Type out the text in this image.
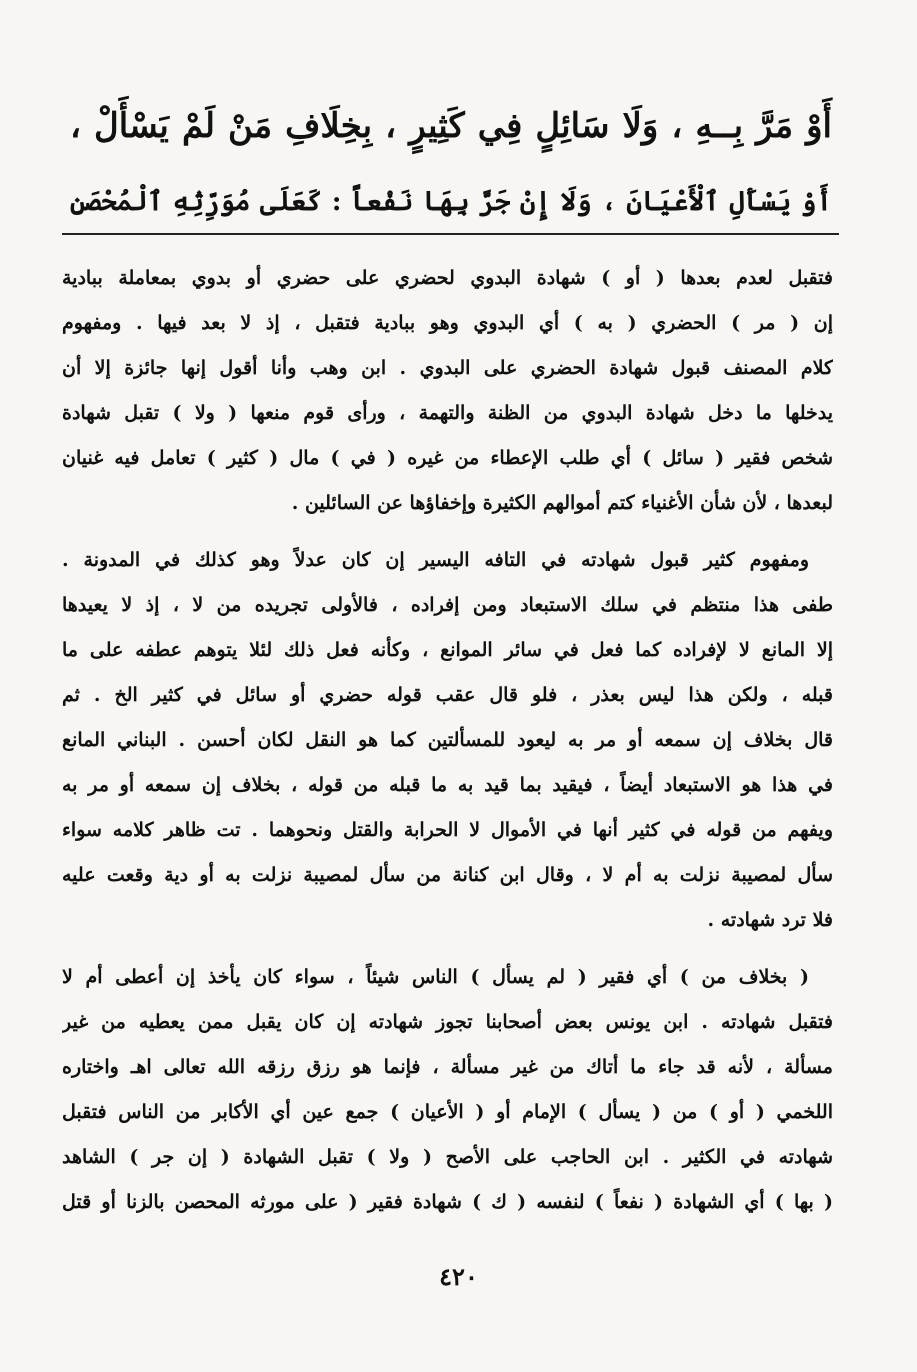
أَوْ مَرَّ بِــهِ ، وَلَا سَائِلٍ فِي كَثِيرٍ ، بِخِلَافِ مَنْ لَمْ يَسْأَلْ ،
أَوْ يَسْأَلِ ٱلْأَعْيَانَ ، وَلَا إِنْ جَرَّ بِهَا نَفْعاً : كَعَلَى مُوَرِّثِهِ ٱلْمُحْصَنِ
فتقبل لعدم بعدها ( أو ) شهادة البدوي لحضري على حضري أو بدوي بمعاملة ببادية
إن ( مر ) الحضري ( به ) أي البدوي وهو ببادية فتقبل ، إذ لا بعد فيها . ومفهوم
كلام المصنف قبول شهادة الحضري على البدوي . ابن وهب وأنا أقول إنها جائزة إلا أن
يدخلها ما دخل شهادة البدوي من الظنة والتهمة ، ورأى قوم منعها ( ولا ) تقبل شهادة
شخص فقير ( سائل ) أي طلب الإعطاء من غيره ( في ) مال ( كثير ) تعامل فيه غنيان
لبعدها ، لأن شأن الأغنياء كتم أموالهم الكثيرة وإخفاؤها عن السائلين .
ومفهوم كثير قبول شهادته في التافه اليسير إن كان عدلاً وهو كذلك في المدونة .
طفى هذا منتظم في سلك الاستبعاد ومن إفراده ، فالأولى تجريده من لا ، إذ لا يعيدها
إلا المانع لا لإفراده كما فعل في سائر الموانع ، وكأنه فعل ذلك لئلا يتوهم عطفه على ما
قبله ، ولكن هذا ليس بعذر ، فلو قال عقب قوله حضري أو سائل في كثير الخ . ثم
قال بخلاف إن سمعه أو مر به ليعود للمسألتين كما هو النقل لكان أحسن . البناني المانع
في هذا هو الاستبعاد أيضاً ، فيقيد بما قيد به ما قبله من قوله ، بخلاف إن سمعه أو مر به
ويفهم من قوله في كثير أنها في الأموال لا الحرابة والقتل ونحوهما . تت ظاهر كلامه سواء
سأل لمصيبة نزلت به أم لا ، وقال ابن كنانة من سأل لمصيبة نزلت به أو دية وقعت عليه
فلا ترد شهادته .
( بخلاف من ) أي فقير ( لم يسأل ) الناس شيئاً ، سواء كان يأخذ إن أعطى أم لا
فتقبل شهادته . ابن يونس بعض أصحابنا تجوز شهادته إن كان يقبل ممن يعطيه من غير
مسألة ، لأنه قد جاء ما أتاك من غير مسألة ، فإنما هو رزق رزقه الله تعالى اهـ واختاره
اللخمي ( أو ) من ( يسأل ) الإمام أو ( الأعيان ) جمع عين أي الأكابر من الناس فتقبل
شهادته في الكثير . ابن الحاجب على الأصح ( ولا ) تقبل الشهادة ( إن جر ) الشاهد
( بها ) أي الشهادة ( نفعاً ) لنفسه ( ك ) شهادة فقير ( على مورثه المحصن بالزنا أو قتل
٤٢٠
